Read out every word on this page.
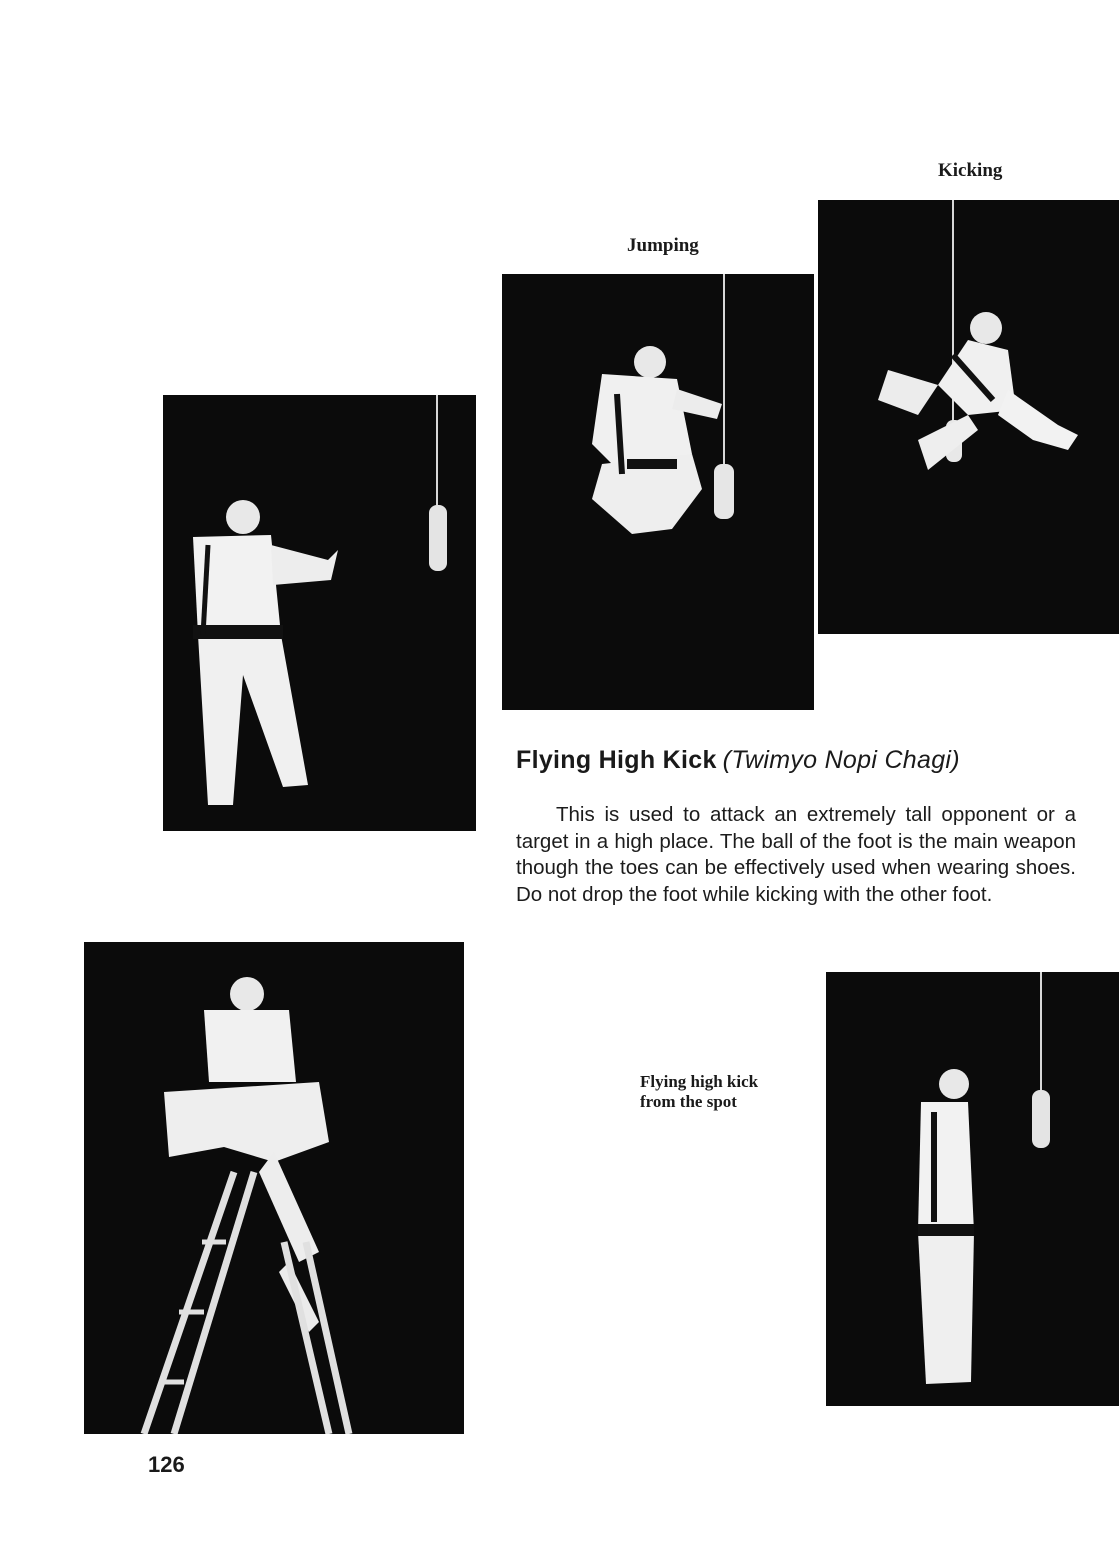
Kicking
Jumping
Flying High Kick (Twimyo Nopi Chagi)

This is used to attack an extremely tall opponent or a target in a high place. The ball of the foot is the main weapon though the toes can be effectively used when wearing shoes. Do not drop the foot while kicking with the other foot.

Flying high kick
from the spot
126
